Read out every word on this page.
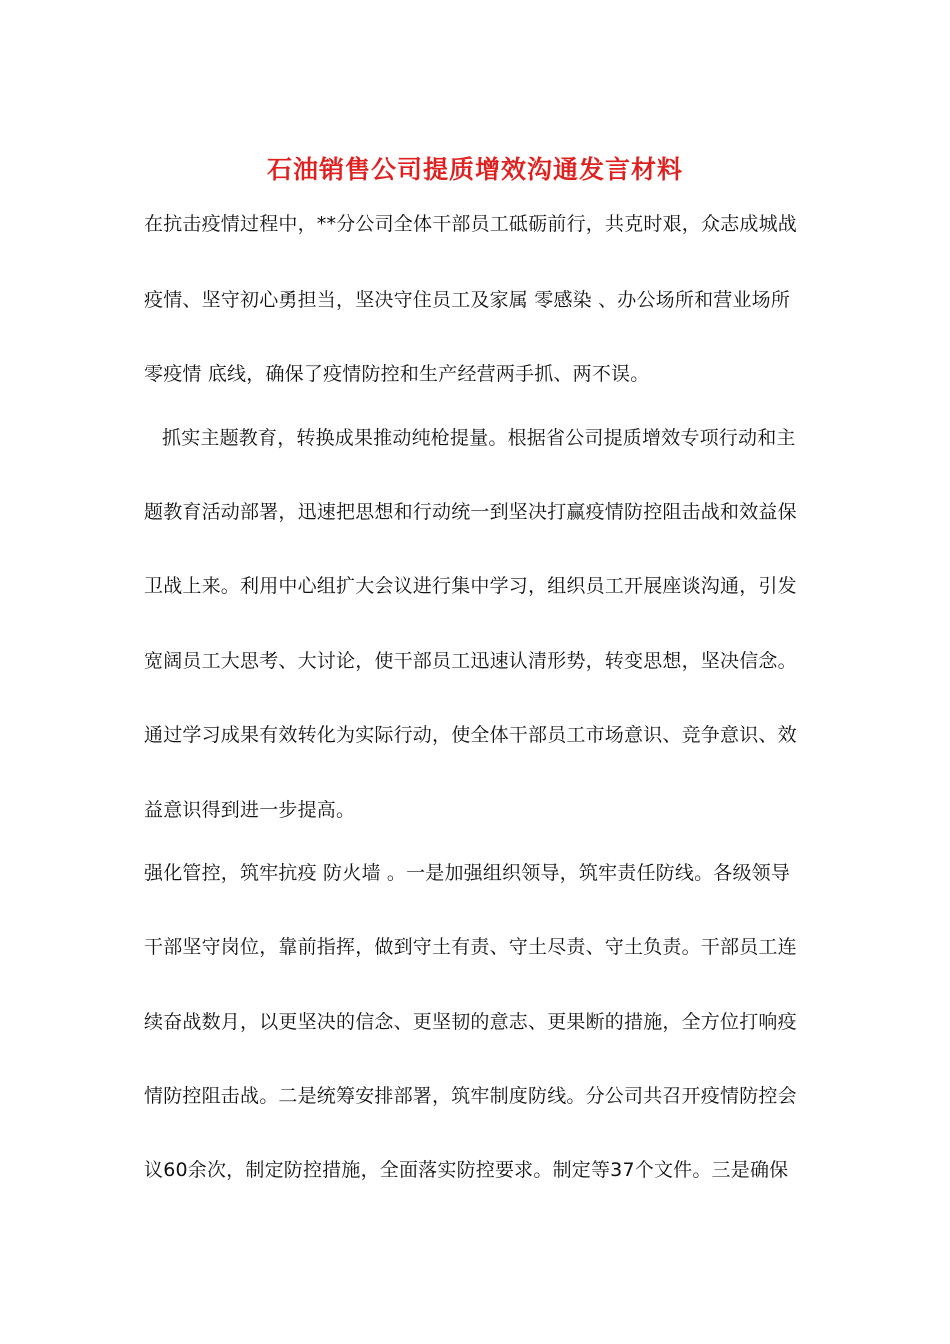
石油销售公司提质增效沟通发言材料
在抗击疫情过程中，**分公司全体干部员工砥砺前行，共克时艰，众志成城战
疫情、坚守初心勇担当，坚决守住员工及家属 零感染 、办公场所和营业场所
零疫情 底线，确保了疫情防控和生产经营两手抓、两不误。
抓实主题教育，转换成果推动纯枪提量。根据省公司提质增效专项行动和主
题教育活动部署，迅速把思想和行动统一到坚决打赢疫情防控阻击战和效益保
卫战上来。利用中心组扩大会议进行集中学习，组织员工开展座谈沟通，引发
宽阔员工大思考、大讨论，使干部员工迅速认清形势，转变思想，坚决信念。
通过学习成果有效转化为实际行动，使全体干部员工市场意识、竞争意识、效
益意识得到进一步提高。
强化管控，筑牢抗疫 防火墙 。一是加强组织领导，筑牢责任防线。各级领导
干部坚守岗位，靠前指挥，做到守土有责、守土尽责、守土负责。干部员工连
续奋战数月，以更坚决的信念、更坚韧的意志、更果断的措施，全方位打响疫
情防控阻击战。二是统筹安排部署，筑牢制度防线。分公司共召开疫情防控会
议60余次，制定防控措施，全面落实防控要求。制定等37个文件。三是确保
